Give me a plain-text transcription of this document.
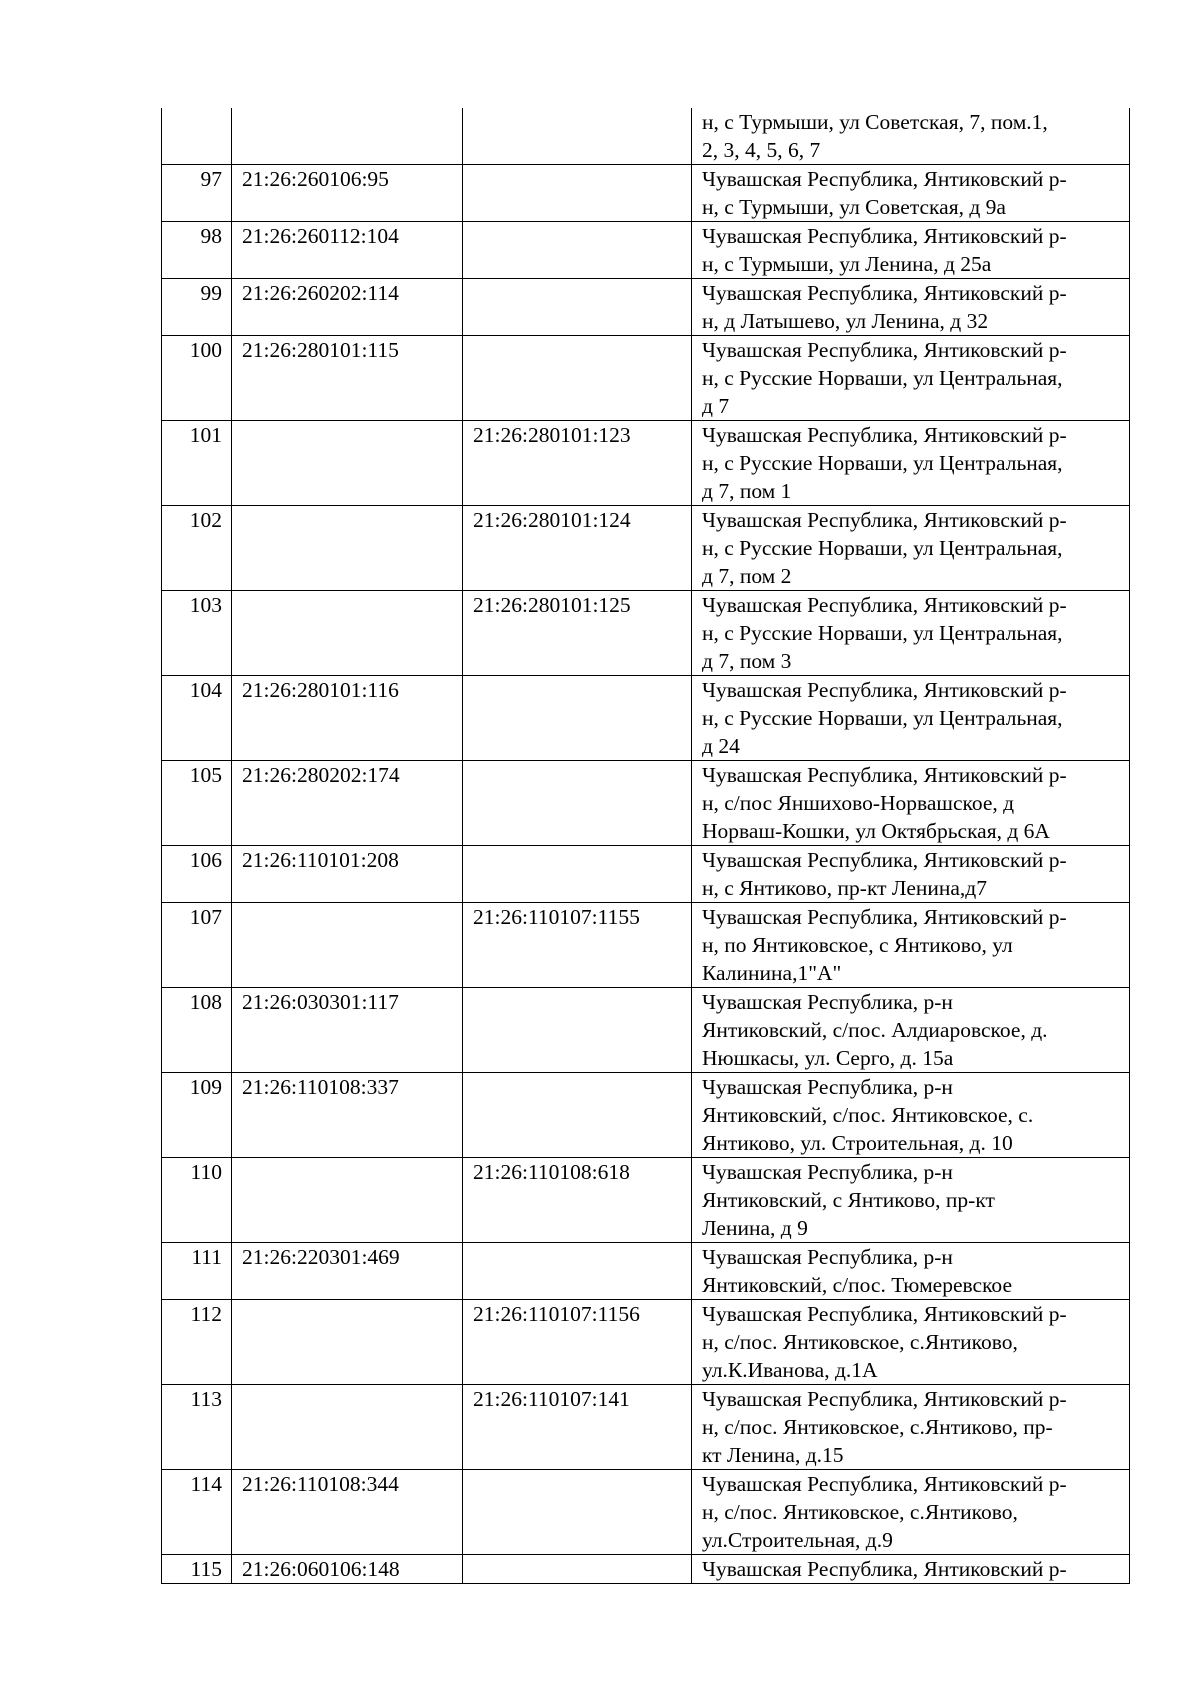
			н, с Турмыши, ул Советская, 7, пом.1,
2, 3, 4, 5, 6, 7

97	21:26:260106:95		Чувашская Республика, Янтиковский р-
н, с Турмыши, ул Советская, д 9а

98	21:26:260112:104		Чувашская Республика, Янтиковский р-
н, с Турмыши, ул Ленина, д 25а

99	21:26:260202:114		Чувашская Республика, Янтиковский р-
н, д Латышево, ул Ленина, д 32

100	21:26:280101:115		Чувашская Республика, Янтиковский р-
н, с Русские Норваши, ул Центральная,
д 7

101		21:26:280101:123	Чувашская Республика, Янтиковский р-
н, с Русские Норваши, ул Центральная,
д 7, пом 1

102		21:26:280101:124	Чувашская Республика, Янтиковский р-
н, с Русские Норваши, ул Центральная,
д 7, пом 2

103		21:26:280101:125	Чувашская Республика, Янтиковский р-
н, с Русские Норваши, ул Центральная,
д 7, пом 3

104	21:26:280101:116		Чувашская Республика, Янтиковский р-
н, с Русские Норваши, ул Центральная,
д 24

105	21:26:280202:174		Чувашская Республика, Янтиковский р-
н, с/пос Яншихово-Норвашское, д
Норваш-Кошки, ул Октябрьская, д 6А

106	21:26:110101:208		Чувашская Республика, Янтиковский р-
н, с Янтиково, пр-кт Ленина,д7

107		21:26:110107:1155	Чувашская Республика, Янтиковский р-
н, по Янтиковское, с Янтиково, ул
Калинина,1"А"

108	21:26:030301:117		Чувашская Республика, р-н
Янтиковский, с/пос. Алдиаровское, д.
Нюшкасы, ул. Серго, д. 15а

109	21:26:110108:337		Чувашская Республика, р-н
Янтиковский, с/пос. Янтиковское, с.
Янтиково, ул. Строительная, д. 10

110		21:26:110108:618	Чувашская Республика, р-н
Янтиковский, с Янтиково, пр-кт
Ленина, д 9

111	21:26:220301:469		Чувашская Республика, р-н
Янтиковский, с/пос. Тюмеревское

112		21:26:110107:1156	Чувашская Республика, Янтиковский р-
н, с/пос. Янтиковское, с.Янтиково,
ул.К.Иванова, д.1А

113		21:26:110107:141	Чувашская Республика, Янтиковский р-
н, с/пос. Янтиковское, с.Янтиково, пр-
кт Ленина, д.15

114	21:26:110108:344		Чувашская Республика, Янтиковский р-
н, с/пос. Янтиковское, с.Янтиково,
ул.Строительная, д.9

115	21:26:060106:148		Чувашская Республика, Янтиковский р-
